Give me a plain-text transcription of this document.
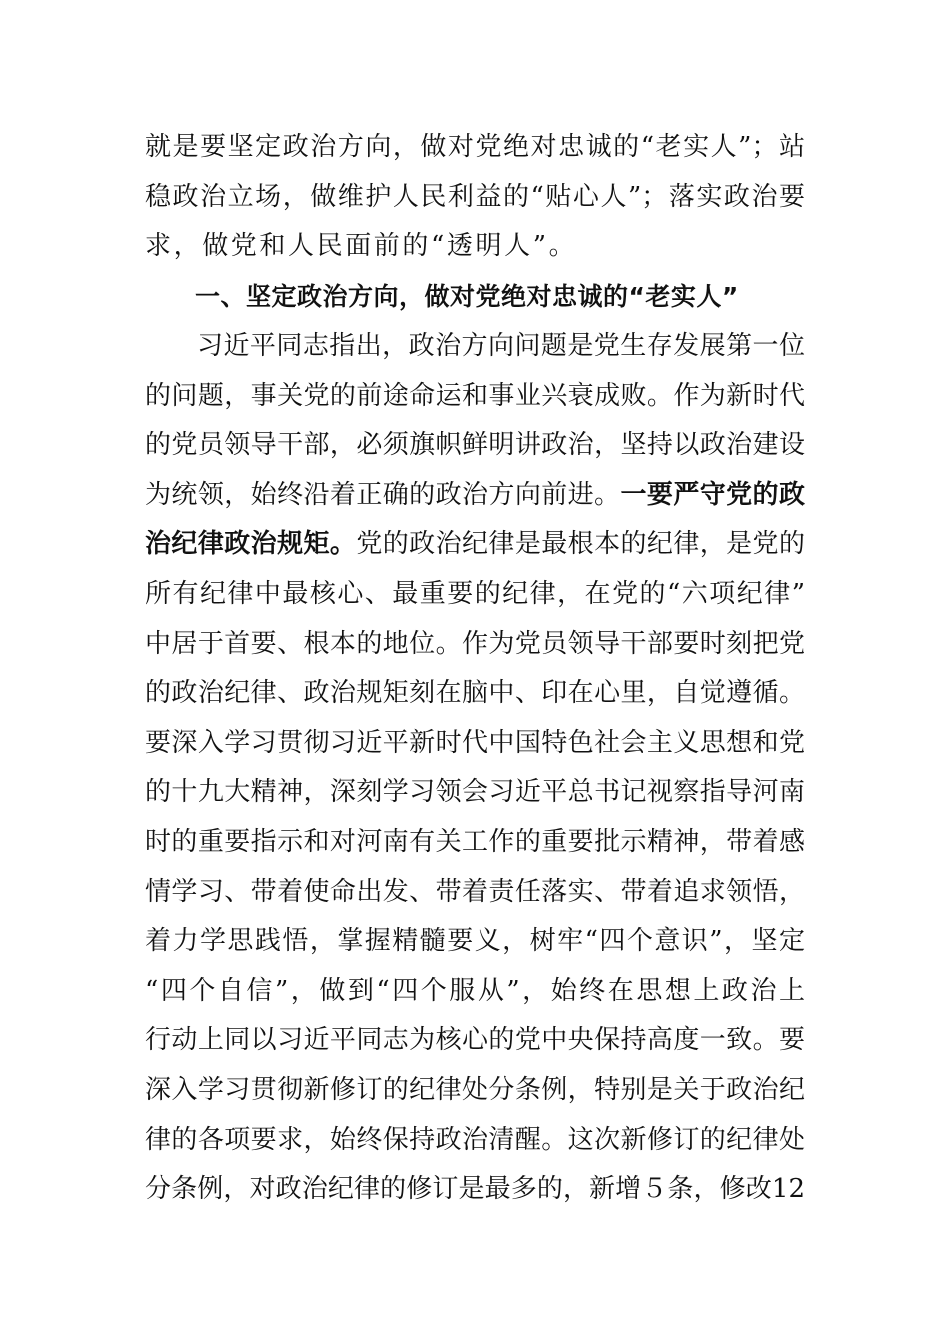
就是要坚定政治方向，做对党绝对忠诚的“老实人”；站
稳政治立场，做维护人民利益的“贴心人”；落实政治要
求，做党和人民面前的“透明人”。
一、坚定政治方向，做对党绝对忠诚的“老实人”
习近平同志指出，政治方向问题是党生存发展第一位
的问题，事关党的前途命运和事业兴衰成败。作为新时代
的党员领导干部，必须旗帜鲜明讲政治，坚持以政治建设
为统领，始终沿着正确的政治方向前进。一要严守党的政
治纪律政治规矩。党的政治纪律是最根本的纪律，是党的
所有纪律中最核心、最重要的纪律，在党的“六项纪律”
中居于首要、根本的地位。作为党员领导干部要时刻把党
的政治纪律、政治规矩刻在脑中、印在心里，自觉遵循。
要深入学习贯彻习近平新时代中国特色社会主义思想和党
的十九大精神，深刻学习领会习近平总书记视察指导河南
时的重要指示和对河南有关工作的重要批示精神，带着感
情学习、带着使命出发、带着责任落实、带着追求领悟，
着力学思践悟，掌握精髓要义，树牢“四个意识”，坚定
“四个自信”，做到“四个服从”，始终在思想上政治上
行动上同以习近平同志为核心的党中央保持高度一致。要
深入学习贯彻新修订的纪律处分条例，特别是关于政治纪
律的各项要求，始终保持政治清醒。这次新修订的纪律处
分条例，对政治纪律的修订是最多的，新增５条，修改12
